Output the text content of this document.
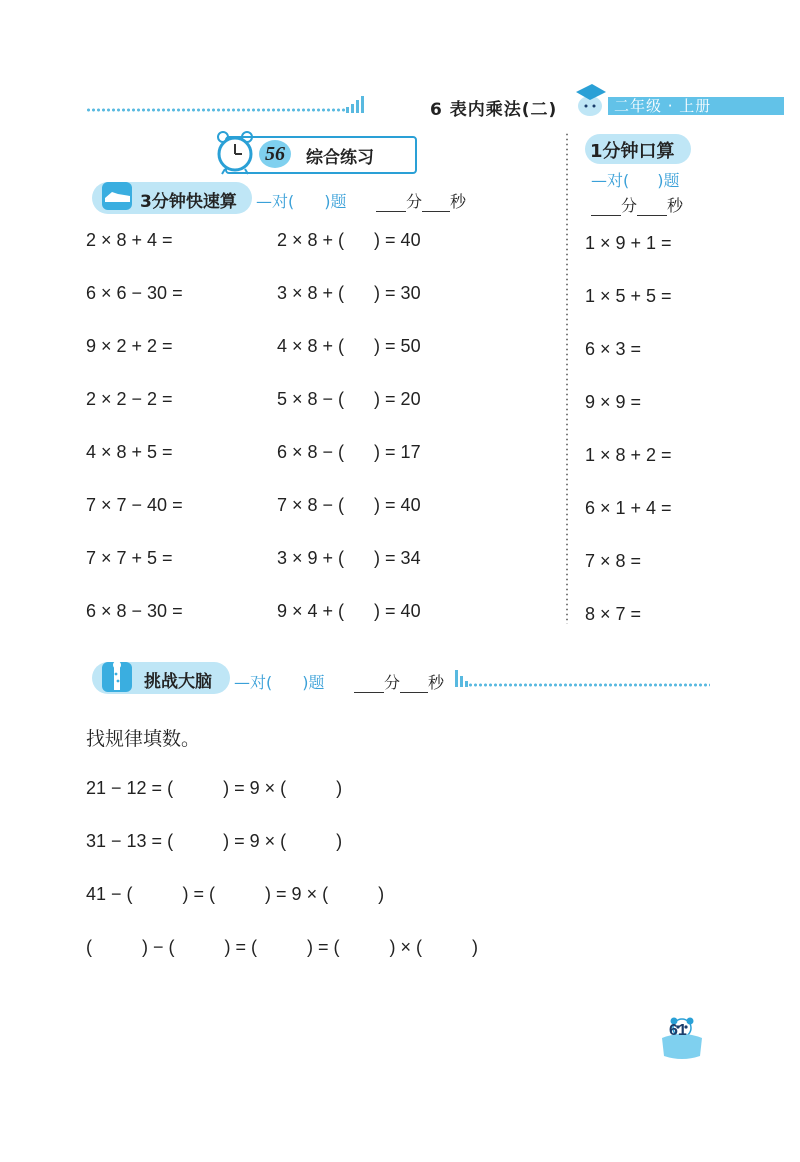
6 表内乘法(二)	二年级 · 上册
56	综合练习
3分钟快速算 —对( )题	分 秒
2 × 8 + 4 =
6 × 6 − 30 =
9 × 2 + 2 =
2 × 2 − 2 =
4 × 8 + 5 =
7 × 7 − 40 =
7 × 7 + 5 =
6 × 8 − 30 =
2 × 8 + (      ) = 40
3 × 8 + (      ) = 30
4 × 8 + (      ) = 50
5 × 8 − (      ) = 20
6 × 8 − (      ) = 17
7 × 8 − (      ) = 40
3 × 9 + (      ) = 34
9 × 4 + (      ) = 40
1分钟口算
—对( )题
分 秒
1 × 9 + 1 =
1 × 5 + 5 =
6 × 3 =
9 × 9 =
1 × 8 + 2 =
6 × 1 + 4 =
7 × 8 =
8 × 7 =
挑战大脑 —对( )题	分 秒
找规律填数。
21 − 12 = (          ) = 9 × (          )
31 − 13 = (          ) = 9 × (          )
41 − (          ) = (          ) = 9 × (          )
(          ) − (          ) = (          ) = (          ) × (          )
61
